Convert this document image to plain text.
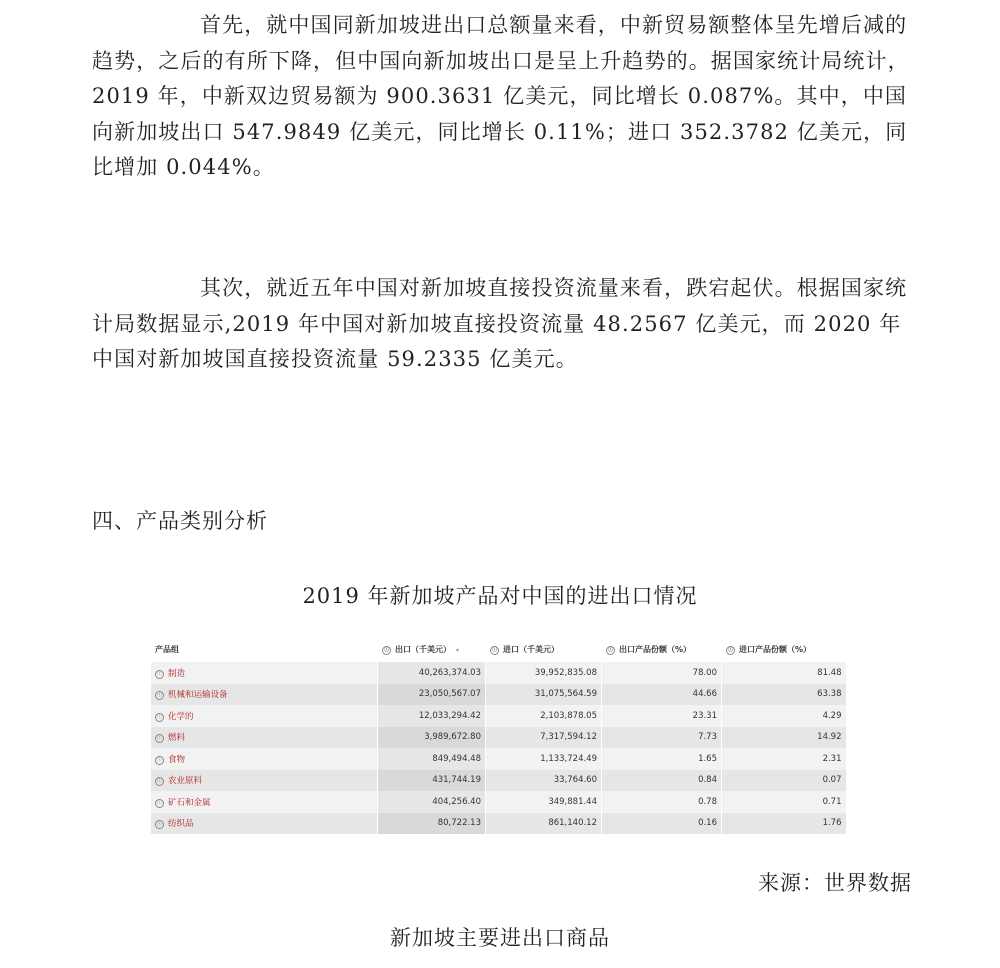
首先，就中国同新加坡进出口总额量来看，中新贸易额整体呈先增后减的趋势，之后的有所下降，但中国向新加坡出口是呈上升趋势的。据国家统计局统计，2019 年，中新双边贸易额为 900.3631 亿美元，同比增长 0.087%。其中，中国向新加坡出口 547.9849 亿美元，同比增长 0.11%；进口 352.3782 亿美元，同比增加 0.044%。

其次，就近五年中国对新加坡直接投资流量来看，跌宕起伏。根据国家统计局数据显示,2019 年中国对新加坡直接投资流量 48.2567 亿美元，而 2020 年中国对新加坡国直接投资流量 59.2335 亿美元。

四、产品类别分析

2019 年新加坡产品对中国的进出口情况

产品组	ⓘ 出口（千美元） ▾	ⓘ 进口（千美元）	ⓘ 出口产品份额（%）	ⓘ 进口产品份额（%）
ⓘ 制造	40,263,374.03	39,952,835.08	78.00	81.48
ⓘ 机械和运输设备	23,050,567.07	31,075,564.59	44.66	63.38
ⓘ 化学的	12,033,294.42	2,103,878.05	23.31	4.29
ⓘ 燃料	3,989,672.80	7,317,594.12	7.73	14.92
ⓘ 食物	849,494.48	1,133,724.49	1.65	2.31
ⓘ 农业原料	431,744.19	33,764.60	0.84	0.07
ⓘ 矿石和金属	404,256.40	349,881.44	0.78	0.71
ⓘ 纺织品	80,722.13	861,140.12	0.16	1.76

来源：世界数据

新加坡主要进出口商品
